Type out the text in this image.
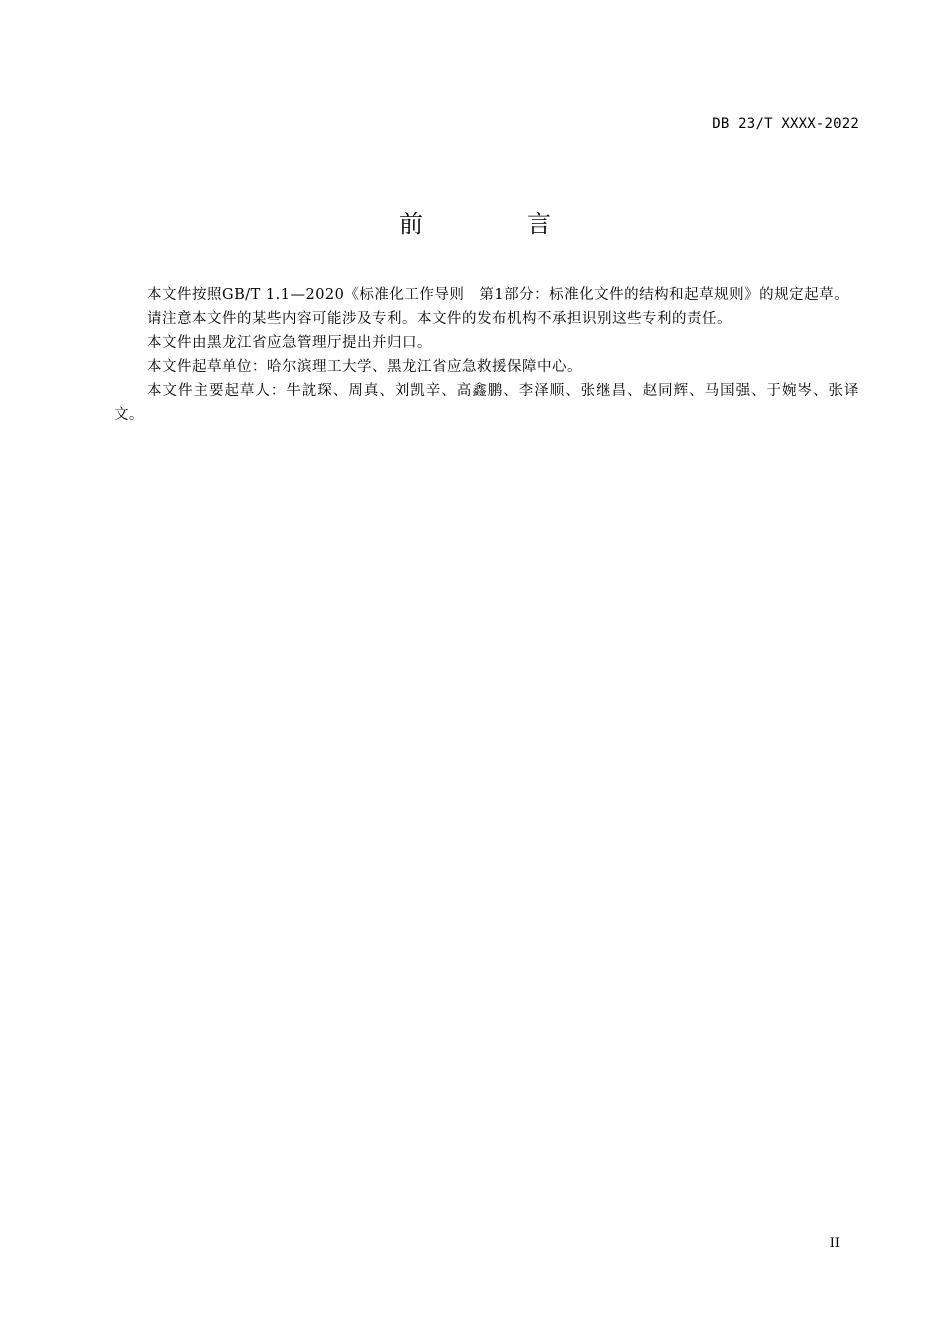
DB 23/T XXXX-2022
前　言

本文件按照GB/T 1.1—2020《标准化工作导则　第1部分：标准化文件的结构和起草规则》的规定起草。

请注意本文件的某些内容可能涉及专利。本文件的发布机构不承担识别这些专利的责任。

本文件由黑龙江省应急管理厅提出并归口。

本文件起草单位：哈尔滨理工大学、黑龙江省应急救援保障中心。

本文件主要起草人：牛訦琛、周真、刘凯辛、高鑫鹏、李泽顺、张继昌、赵同辉、马国强、于婉岑、张译文。

II
